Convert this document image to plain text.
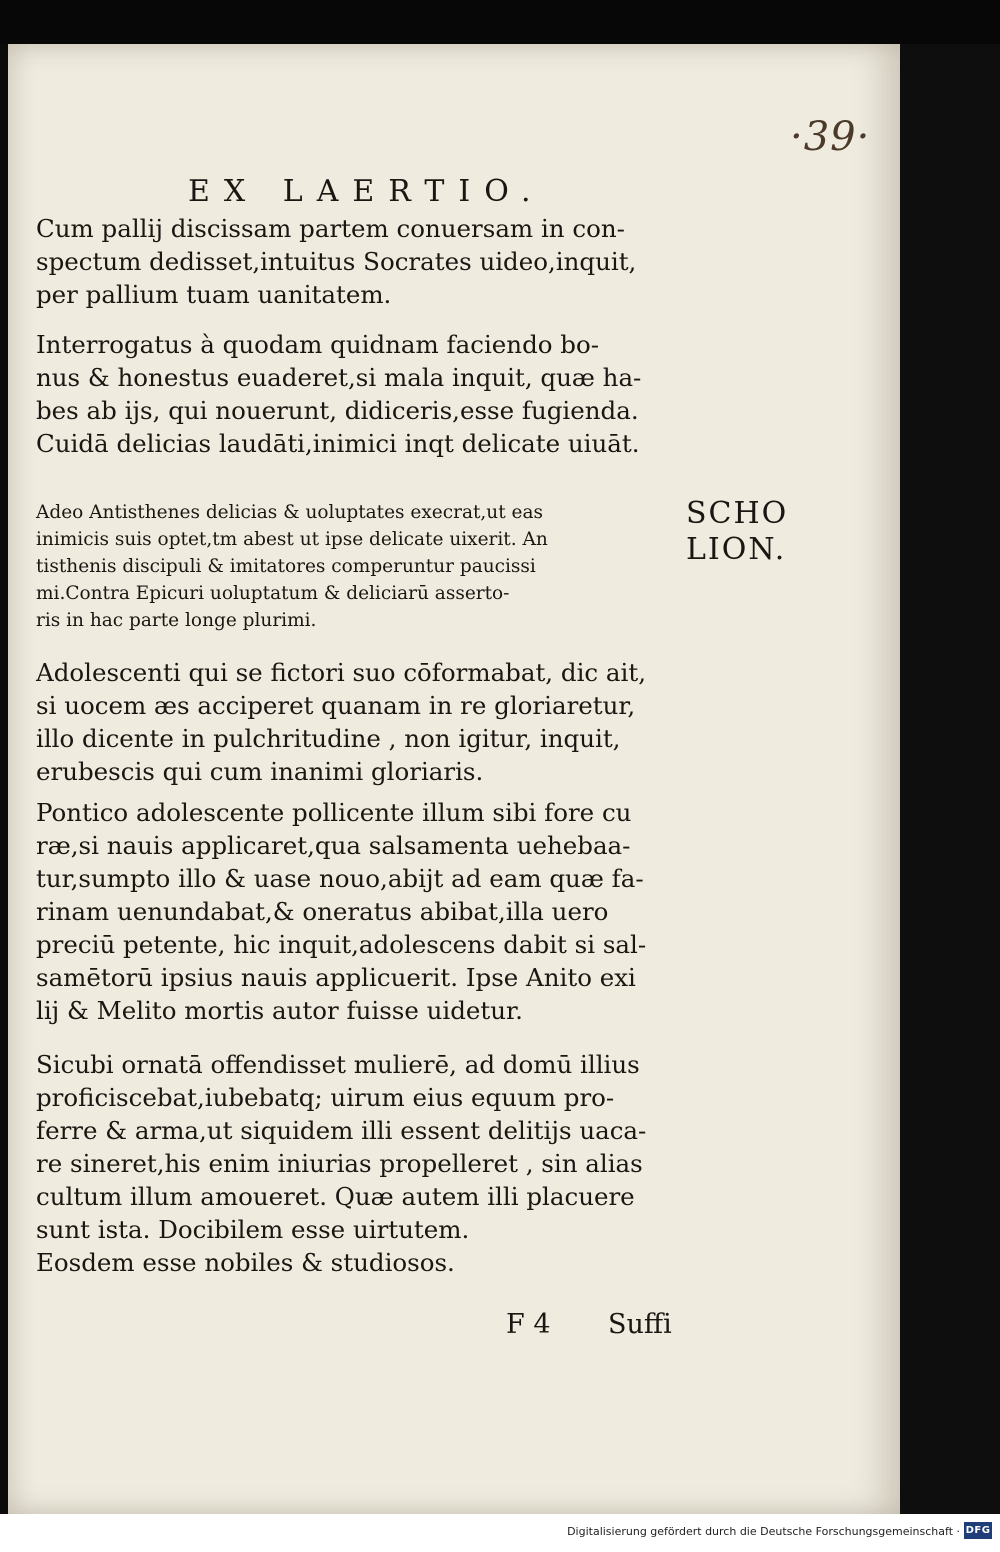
·39·
EX LAERTIO.
Cum pallij discissam partem conuersam in con-
spectum dedisset,intuitus Socrates uideo,inquit,
per pallium tuam uanitatem.
Interrogatus à quodam quidnam faciendo bo-
nus & honestus euaderet,si mala inquit, quæ ha-
bes ab ijs, qui nouerunt, didiceris,esse fugienda.
Cuidā delicias laudāti,inimici inqt delicate uiuāt.
Adeo Antisthenes delicias & uoluptates execrat,ut eas
inimicis suis optet,tm abest ut ipse delicate uixerit. An
tisthenis discipuli & imitatores comperuntur paucissi
mi.Contra Epicuri uoluptatum & deliciarū asserto-
ris in hac parte longe plurimi.
SCHO
LION.
Adolescenti qui se fictori suo cōformabat, dic ait,
si uocem æs acciperet quanam in re gloriaretur,
illo dicente in pulchritudine , non igitur, inquit,
erubescis qui cum inanimi gloriaris.
Pontico adolescente pollicente illum sibi fore cu
ræ,si nauis applicaret,qua salsamenta uehebaa-
tur,sumpto illo & uase nouo,abijt ad eam quæ fa-
rinam uenundabat,& oneratus abibat,illa uero
preciū petente, hic inquit,adolescens dabit si sal-
samētorū ipsius nauis applicuerit. Ipse Anito exi
lij & Melito mortis autor fuisse uidetur.
Sicubi ornatā offendisset mulierē, ad domū illius
proficiscebat,iubebatq; uirum eius equum pro-
ferre & arma,ut siquidem illi essent delitijs uaca-
re sineret,his enim iniurias propelleret , sin alias
cultum illum amoueret. Quæ autem illi placuere
sunt ista. Docibilem esse uirtutem.
Eosdem esse nobiles & studiosos.
F 4 Suffi
Digitalisierung gefördert durch die Deutsche Forschungsgemeinschaft · DFG
